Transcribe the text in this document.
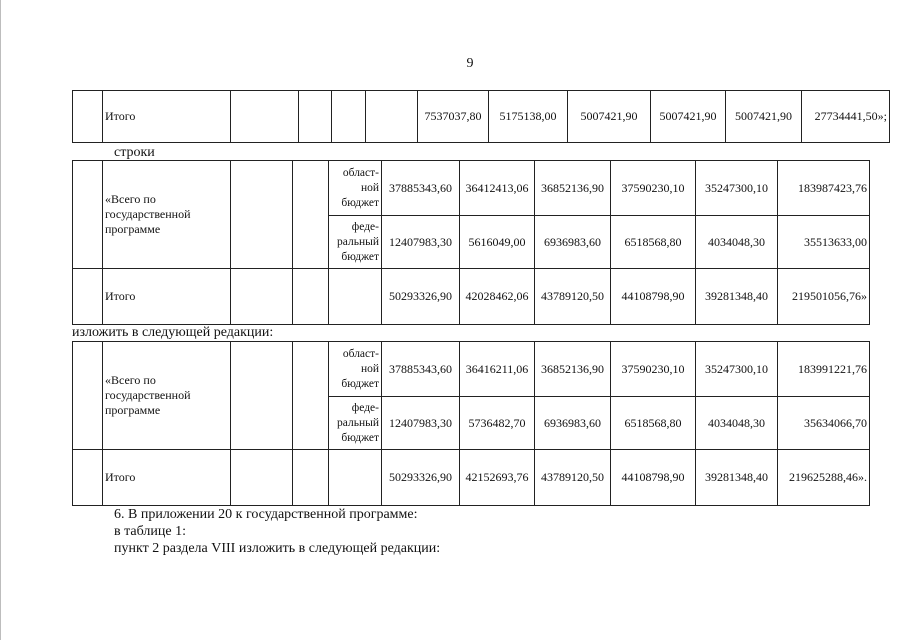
9
	Итого					7537037,80	5175138,00	5007421,90	5007421,90	5007421,90	27734441,50»;
строки
	«Всего по государственной программе			област-ной бюджет	37885343,60	36412413,06	36852136,90	37590230,10	35247300,10	183987423,76
				феде-ральный бюджет	12407983,30	5616049,00	6936983,60	6518568,80	4034048,30	35513633,00
	Итого				50293326,90	42028462,06	43789120,50	44108798,90	39281348,40	219501056,76»
изложить в следующей редакции:
	«Всего по государственной программе			област-ной бюджет	37885343,60	36416211,06	36852136,90	37590230,10	35247300,10	183991221,76
				феде-ральный бюджет	12407983,30	5736482,70	6936983,60	6518568,80	4034048,30	35634066,70
	Итого				50293326,90	42152693,76	43789120,50	44108798,90	39281348,40	219625288,46».
6. В приложении 20 к государственной программе:
в таблице 1:
пункт 2 раздела VIII изложить в следующей редакции:
